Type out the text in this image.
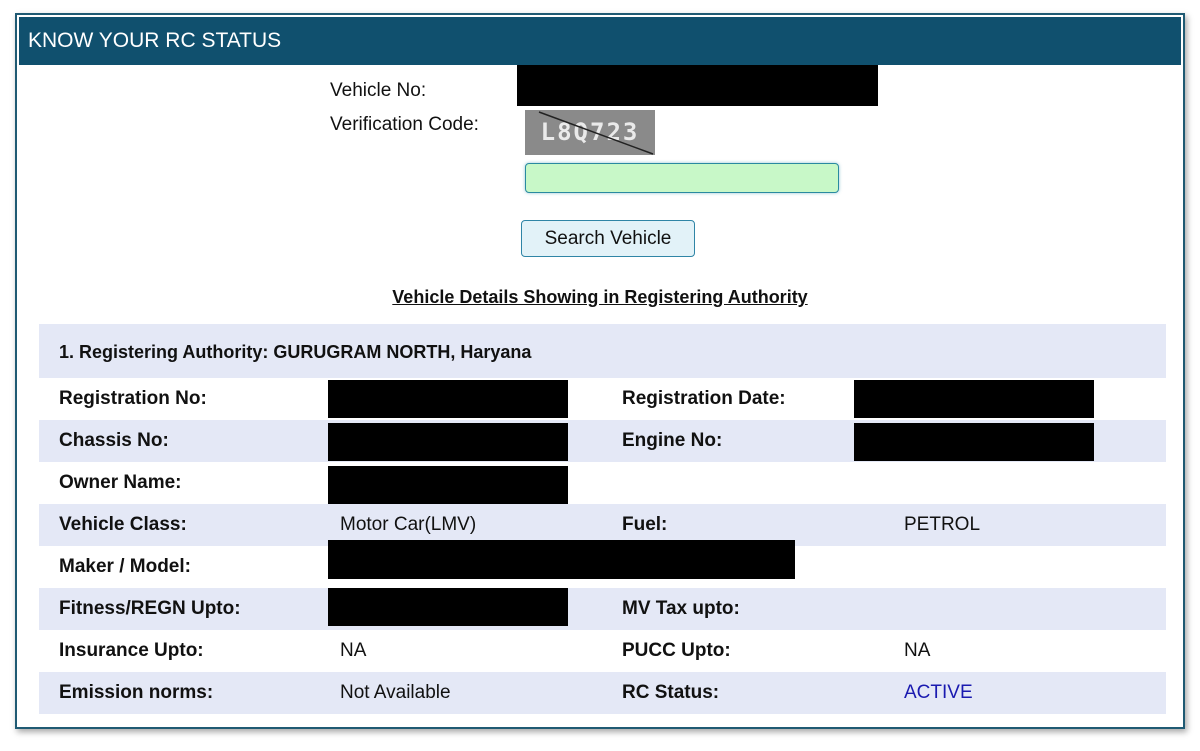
KNOW YOUR RC STATUS
Vehicle No:
Verification Code:	L8Q723
Search Vehicle
Vehicle Details Showing in Registering Authority
1. Registering Authority: GURUGRAM NORTH, Haryana
Registration No:	Registration Date:
Chassis No:	Engine No:
Owner Name:
Vehicle Class:	Motor Car(LMV)	Fuel:	PETROL
Maker / Model:
Fitness/REGN Upto:	MV Tax upto:
Insurance Upto:	NA	PUCC Upto:	NA
Emission norms:	Not Available	RC Status:	ACTIVE
